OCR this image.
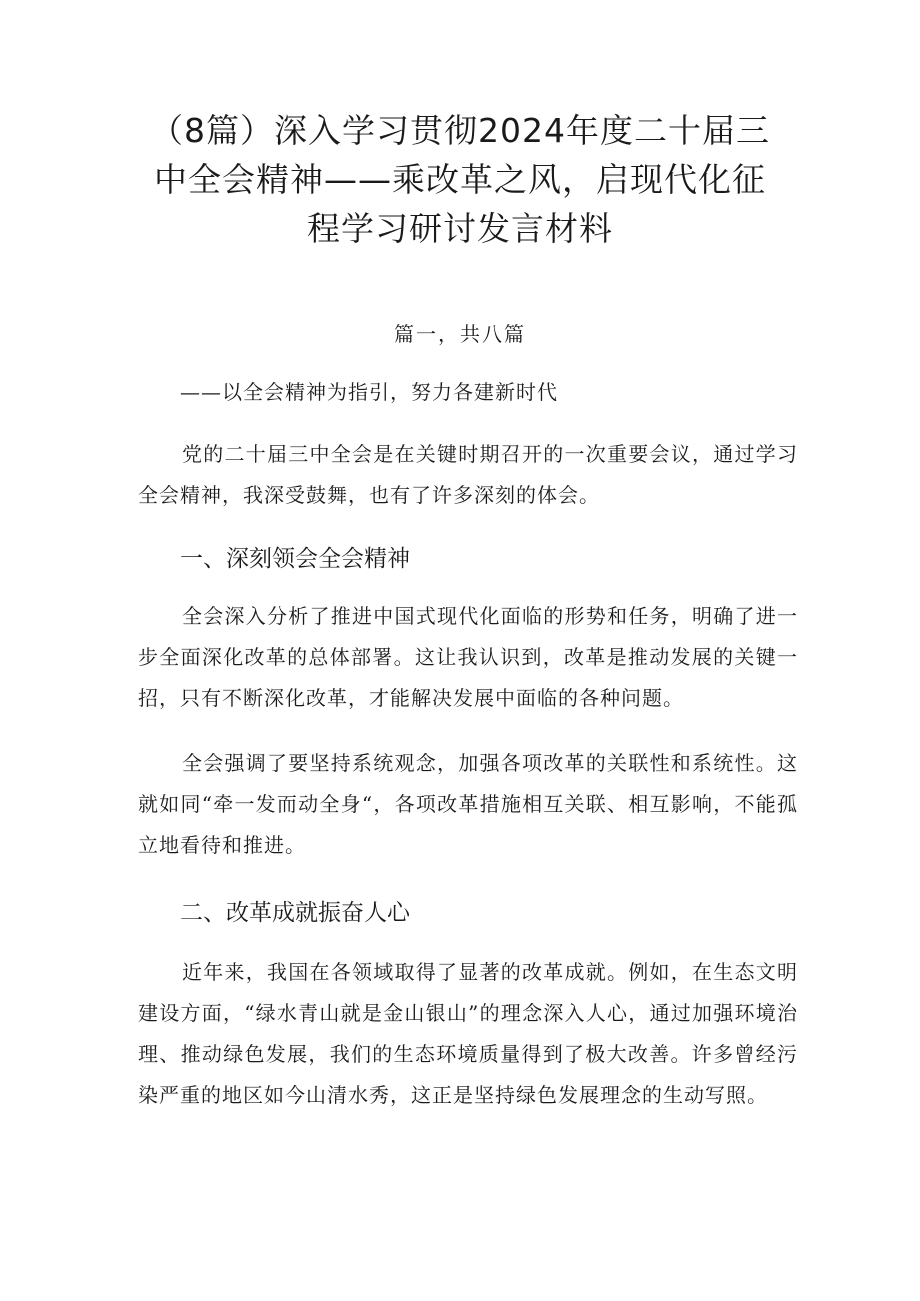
（8篇）深入学习贯彻2024年度二十届三
中全会精神——乘改革之风，启现代化征
程学习研讨发言材料
篇一，共八篇
——以全会精神为指引，努力各建新时代

党的二十届三中全会是在关键时期召开的一次重要会议，通过学习全会精神，我深受鼓舞，也有了许多深刻的体会。

一、深刻领会全会精神

全会深入分析了推进中国式现代化面临的形势和任务，明确了进一步全面深化改革的总体部署。这让我认识到，改革是推动发展的关键一招，只有不断深化改革，才能解决发展中面临的各种问题。

全会强调了要坚持系统观念，加强各项改革的关联性和系统性。这就如同“牵一发而动全身“，各项改革措施相互关联、相互影响，不能孤立地看待和推进。

二、改革成就振奋人心

近年来，我国在各领域取得了显著的改革成就。例如，在生态文明建设方面，“绿水青山就是金山银山”的理念深入人心，通过加强环境治理、推动绿色发展，我们的生态环境质量得到了极大改善。许多曾经污染严重的地区如今山清水秀，这正是坚持绿色发展理念的生动写照。
